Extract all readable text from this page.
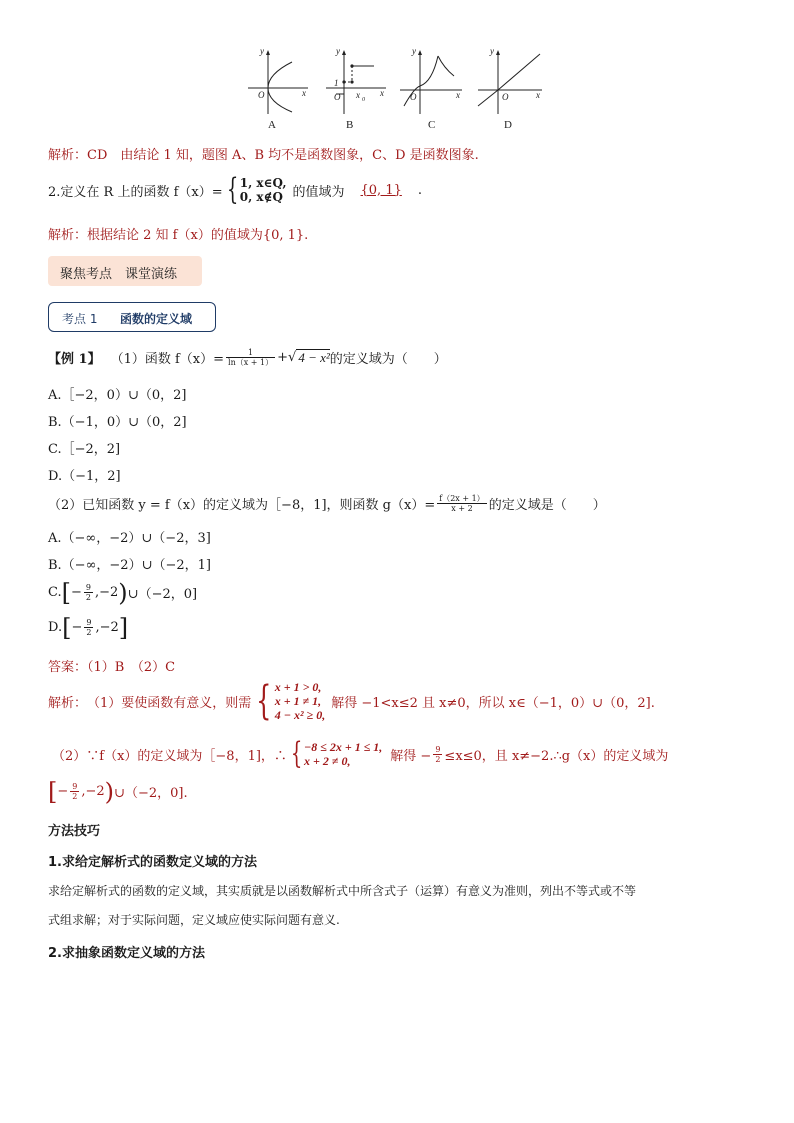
y
x
O
y
x
1
O x 0
y
x
O
y
x
O
A	B	C	D
解析：CD　由结论 1 知，题图 A、B 均不是函数图象，C、D 是函数图象.
2.定义在 R 上的函数 f（x）= { 1, x∈Q,
0, x∉Q 的值域为	{0, 1}	.
解析：根据结论 2 知 f（x）的值域为{0, 1}.
聚焦考点　课堂演练
考点 1 函数的定义域
【例 1】 （1）函数 $f(x)= \frac{1}{\ln(x + 1)}$ + √ 4 − x² 的定义域为（　　）
A.［−2，0）∪（0，2]
B.（−1，0）∪（0，2]
C.［−2，2]
D.（−1，2]
（2）已知函数 y = f（x）的定义域为［−8，1]，则函数 $g(x)= \frac{f(2x + 1)}{x + 2}$ 的定义域是（　　）
A.（−∞，−2）∪（−2，3]
B.（−∞，−2）∪（−2，1]
C. [ − $\frac{9}{2} ,-2$ ) ∪（−2，0]
D. [ − $\frac{9}{2} ,-2$ ]
答案：（1）B　（2）C
解析： （1）要使函数有意义，则需 { x + 1 > 0,
x + 1 ≠ 1,
4 − x² ≥ 0,
解得 −1<x≤2 且 x≠0，所以 x∈（−1，0）∪（0，2].
（2）∵f（x）的定义域为［−8，1]，∴ { −8 ≤ 2x + 1 ≤ 1,
x + 2 ≠ 0,	解得 − $\frac{9}{2} \le x\le 0$，且 x≠−2.∴g（x）的定义域为
[ − $\frac{9}{2} ,-2$ ) ∪（−2，0].
方法技巧
1.求给定解析式的函数定义域的方法
求给定解析式的函数的定义域，其实质就是以函数解析式中所含式子（运算）有意义为准则，列出不等式或不等
式组求解；对于实际问题，定义域应使实际问题有意义.
2.求抽象函数定义域的方法
